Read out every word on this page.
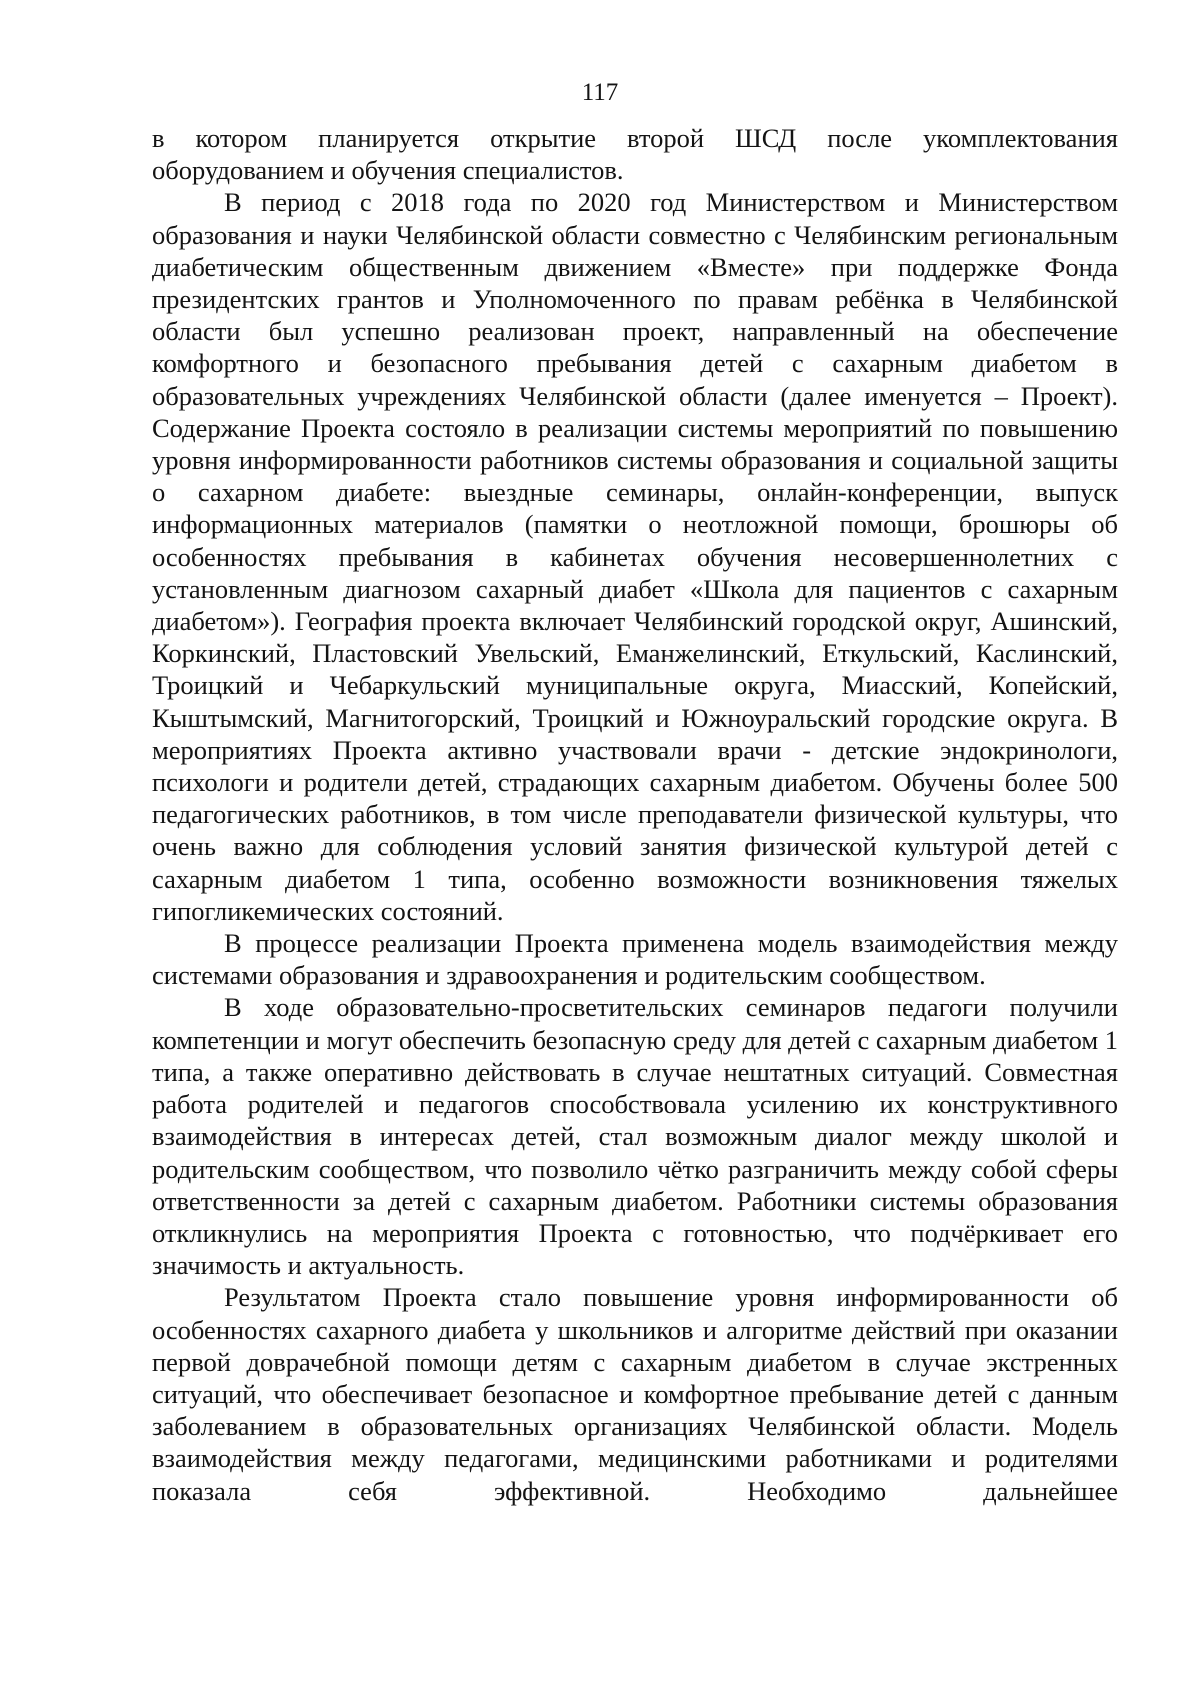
117

в котором планируется открытие второй ШСД после укомплектования оборудованием и обучения специалистов.

В период с 2018 года по 2020 год Министерством и Министерством образования и науки Челябинской области совместно с Челябинским региональным диабетическим общественным движением «Вместе» при поддержке Фонда президентских грантов и Уполномоченного по правам ребёнка в Челябинской области был успешно реализован проект, направленный на обеспечение комфортного и безопасного пребывания детей с сахарным диабетом в образовательных учреждениях Челябинской области (далее именуется – Проект). Содержание Проекта состояло в реализации системы мероприятий по повышению уровня информированности работников системы образования и социальной защиты о сахарном диабете: выездные семинары, онлайн-конференции, выпуск информационных материалов (памятки о неотложной помощи, брошюры об особенностях пребывания в кабинетах обучения несовершеннолетних с установленным диагнозом сахарный диабет «Школа для пациентов с сахарным диабетом»). География проекта включает Челябинский городской округ, Ашинский, Коркинский, Пластовский Увельский, Еманжелинский, Еткульский, Каслинский, Троицкий и Чебаркульский муниципальные округа, Миасский, Копейский, Кыштымский, Магнитогорский, Троицкий и Южноуральский городские округа. В мероприятиях Проекта активно участвовали врачи - детские эндокринологи, психологи и родители детей, страдающих сахарным диабетом. Обучены более 500 педагогических работников, в том числе преподаватели физической культуры, что очень важно для соблюдения условий занятия физической культурой детей с сахарным диабетом 1 типа, особенно возможности возникновения тяжелых гипогликемических состояний.

В процессе реализации Проекта применена модель взаимодействия между системами образования и здравоохранения и родительским сообществом.

В ходе образовательно-просветительских семинаров педагоги получили компетенции и могут обеспечить безопасную среду для детей с сахарным диабетом 1 типа, а также оперативно действовать в случае нештатных ситуаций. Совместная работа родителей и педагогов способствовала усилению их конструктивного взаимодействия в интересах детей, стал возможным диалог между школой и родительским сообществом, что позволило чётко разграничить между собой сферы ответственности за детей с сахарным диабетом. Работники системы образования откликнулись на мероприятия Проекта с готовностью, что подчёркивает его значимость и актуальность.

Результатом Проекта стало повышение уровня информированности об особенностях сахарного диабета у школьников и алгоритме действий при оказании первой доврачебной помощи детям с сахарным диабетом в случае экстренных ситуаций, что обеспечивает безопасное и комфортное пребывание детей с данным заболеванием в образовательных организациях Челябинской области. Модель взаимодействия между педагогами, медицинскими работниками и родителями показала себя эффективной. Необходимо дальнейшее
